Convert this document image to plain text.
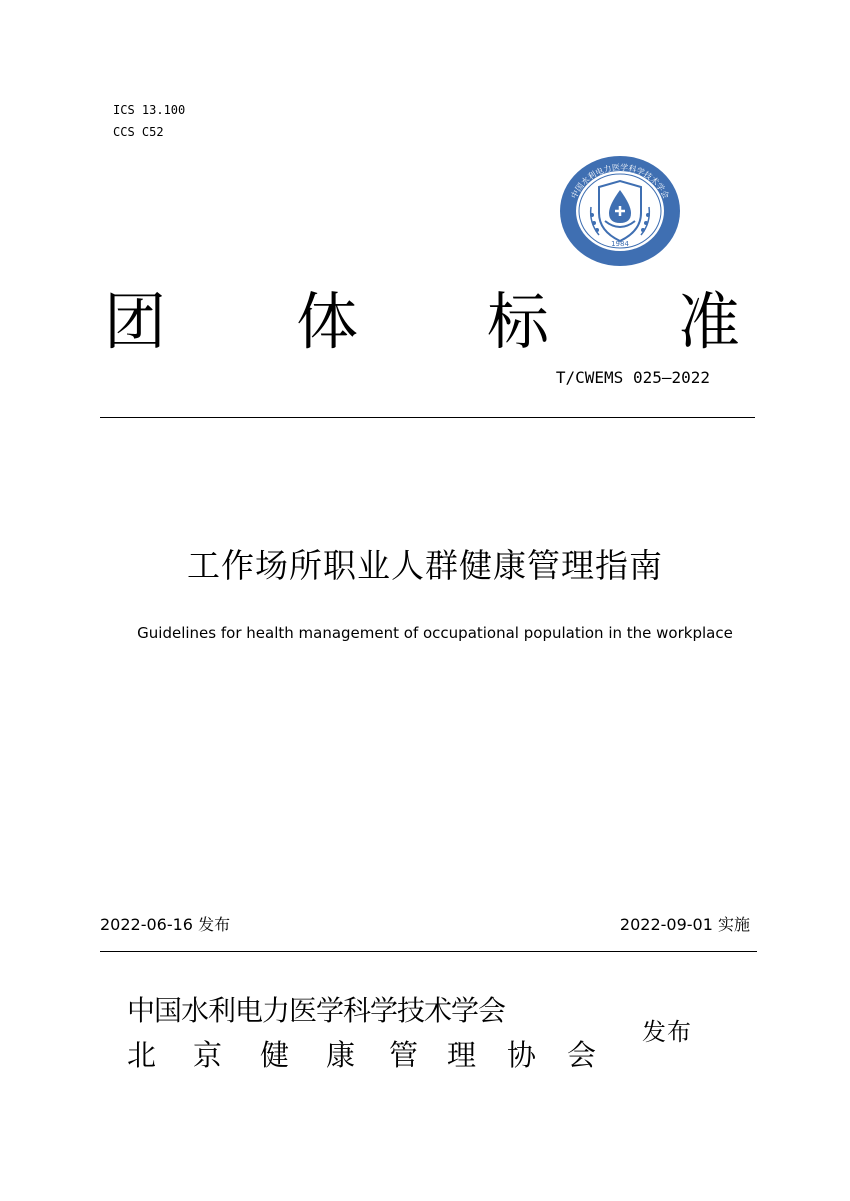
ICS 13.100
CCS C52
1984
中国水利电力医学科学技术学会
团 体 标 准
T/CWEMS 025—2022
工作场所职业人群健康管理指南
Guidelines for health management of occupational population in the workplace
2022-06-16 发布	2022-09-01 实施
中国水利电力医学科学技术学会
北 京 健 康 管 理 协 会
发布
